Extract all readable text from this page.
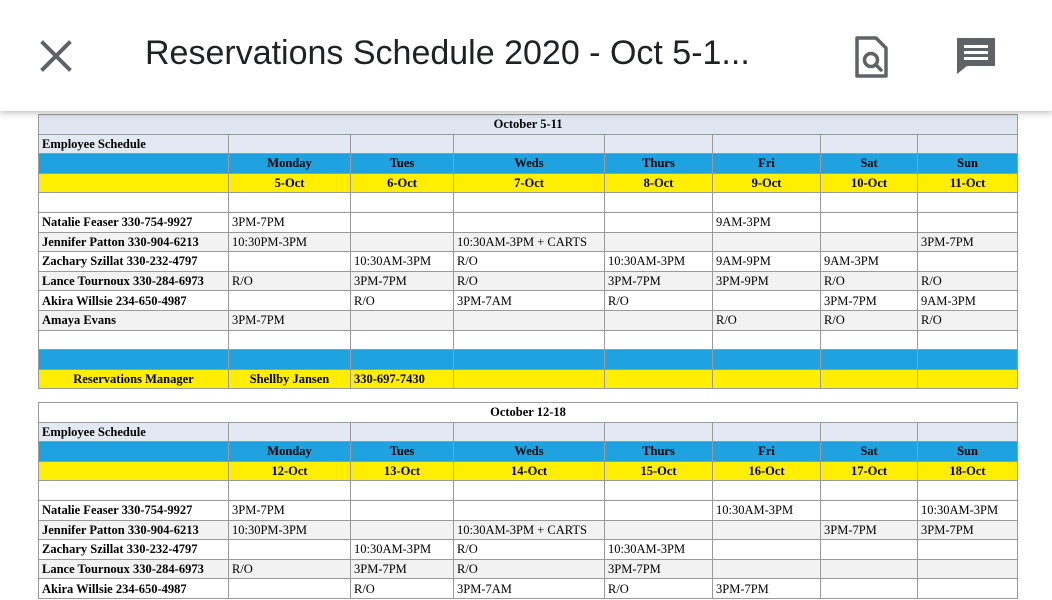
Reservations Schedule 2020 - Oct 5-1...
October 5-11							
Employee Schedule							
	Monday	Tues	Weds	Thurs	Fri	Sat	Sun
	5-Oct	6-Oct	7-Oct	8-Oct	9-Oct	10-Oct	11-Oct

Natalie Feaser 330-754-9927	3PM-7PM				9AM-3PM		
Jennifer Patton 330-904-6213	10:30PM-3PM		10:30AM-3PM + CARTS				3PM-7PM
Zachary Szillat 330-232-4797		10:30AM-3PM	R/O	10:30AM-3PM	9AM-9PM	9AM-3PM	
Lance Tournoux 330-284-6973	R/O	3PM-7PM	R/O	3PM-7PM	3PM-9PM	R/O	R/O
Akira Willsie 234-650-4987		R/O	3PM-7AM	R/O		3PM-7PM	9AM-3PM
Amaya Evans	3PM-7PM				R/O	R/O	R/O

Reservations Manager	Shellby Jansen	330-697-7430					
October 12-18							
Employee Schedule							
	Monday	Tues	Weds	Thurs	Fri	Sat	Sun
	12-Oct	13-Oct	14-Oct	15-Oct	16-Oct	17-Oct	18-Oct

Natalie Feaser 330-754-9927	3PM-7PM				10:30AM-3PM		10:30AM-3PM
Jennifer Patton 330-904-6213	10:30PM-3PM		10:30AM-3PM + CARTS			3PM-7PM	3PM-7PM
Zachary Szillat 330-232-4797		10:30AM-3PM	R/O	10:30AM-3PM			
Lance Tournoux 330-284-6973	R/O	3PM-7PM	R/O	3PM-7PM			
Akira Willsie 234-650-4987		R/O	3PM-7AM	R/O	3PM-7PM		
